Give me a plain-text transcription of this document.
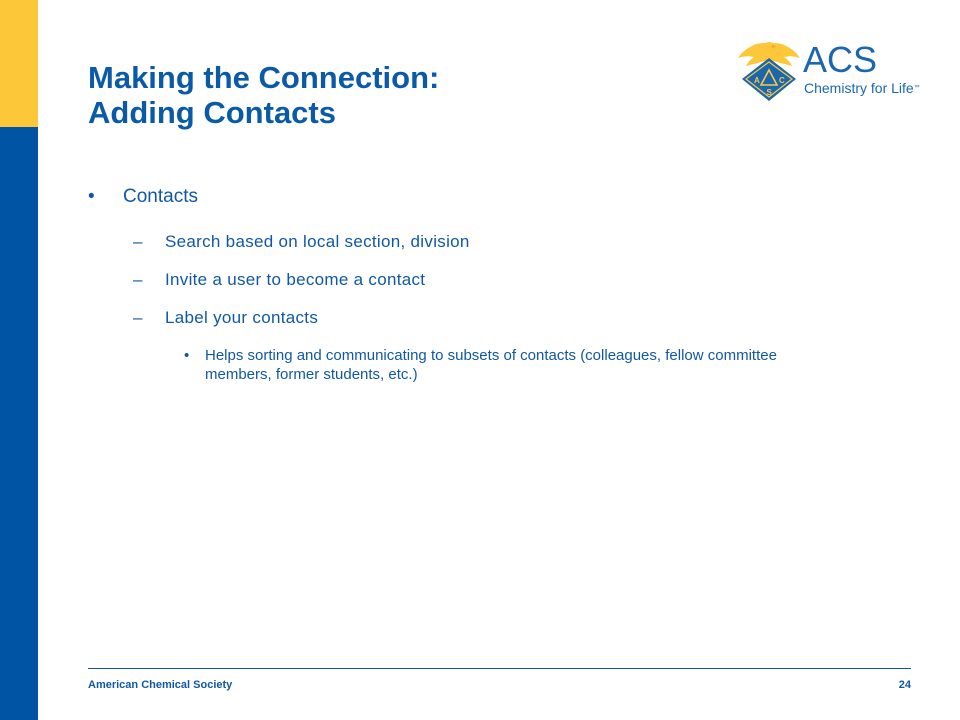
Making the Connection:
Adding Contacts
A C
S
ACS
Chemistry for Life™
• Contacts
– Search based on local section, division
– Invite a user to become a contact
– Label your contacts
• Helps sorting and communicating to subsets of contacts (colleagues, fellow committee members, former students, etc.)
American Chemical Society	24
